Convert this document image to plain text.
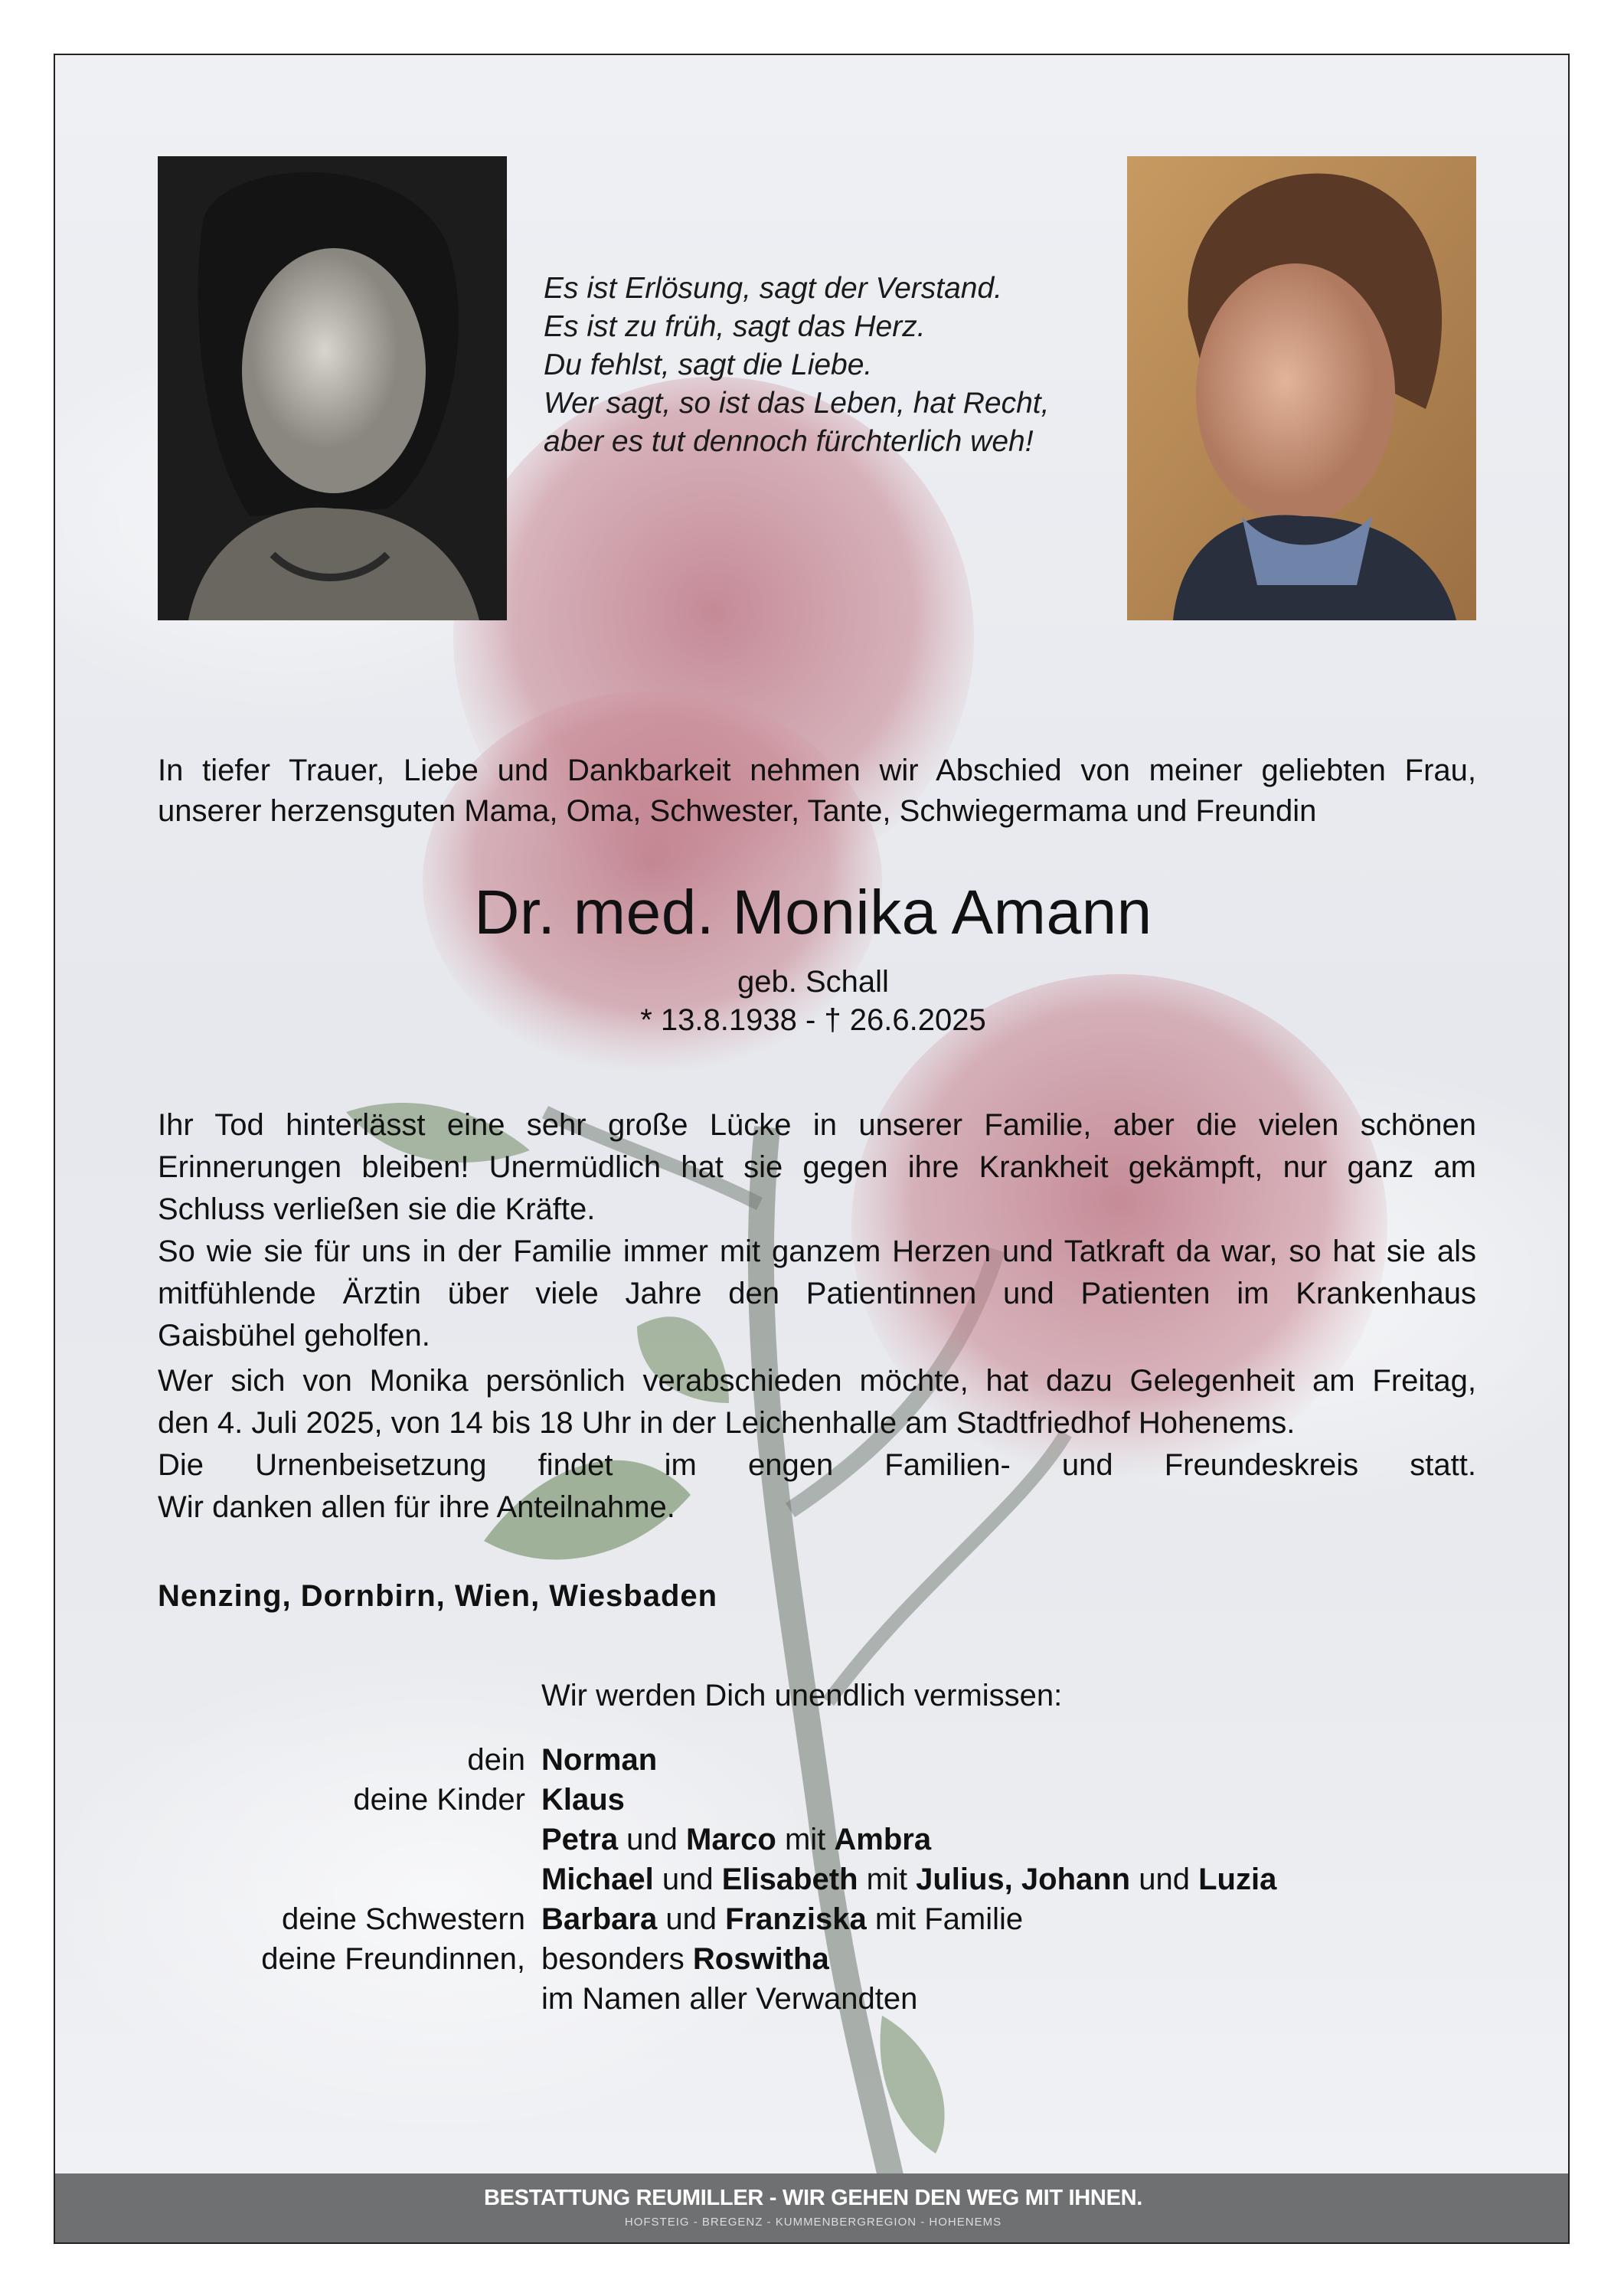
Es ist Erlösung, sagt der Verstand.
Es ist zu früh, sagt das Herz.
Du fehlst, sagt die Liebe.
Wer sagt, so ist das Leben, hat Recht,
aber es tut dennoch fürchterlich weh!
In tiefer Trauer, Liebe und Dankbarkeit nehmen wir Abschied von meiner geliebten Frau,
unserer herzensguten Mama, Oma, Schwester, Tante, Schwiegermama und Freundin
Dr. med. Monika Amann
geb. Schall
* 13.8.1938 - † 26.6.2025
Ihr Tod hinterlässt eine sehr große Lücke in unserer Familie, aber die vielen schönen
Erinnerungen bleiben! Unermüdlich hat sie gegen ihre Krankheit gekämpft, nur ganz am
Schluss verließen sie die Kräfte.
So wie sie für uns in der Familie immer mit ganzem Herzen und Tatkraft da war, so hat sie als
mitfühlende Ärztin über viele Jahre den Patientinnen und Patienten im Krankenhaus
Gaisbühel geholfen.
Wer sich von Monika persönlich verabschieden möchte, hat dazu Gelegenheit am Freitag,
den 4. Juli 2025, von 14 bis 18 Uhr in der Leichenhalle am Stadtfriedhof Hohenems.
Die Urnenbeisetzung findet im engen Familien- und Freundeskreis statt.
Wir danken allen für ihre Anteilnahme.
Nenzing, Dornbirn, Wien, Wiesbaden
Wir werden Dich unendlich vermissen:
dein
deine Kinder
deine Schwestern
deine Freundinnen,
Norman
Klaus
Petra und Marco mit Ambra
Michael und Elisabeth mit Julius, Johann und Luzia
Barbara und Franziska mit Familie
besonders Roswitha
im Namen aller Verwandten
BESTATTUNG REUMILLER - WIR GEHEN DEN WEG MIT IHNEN.
HOFSTEIG - BREGENZ - KUMMENBERGREGION - HOHENEMS
